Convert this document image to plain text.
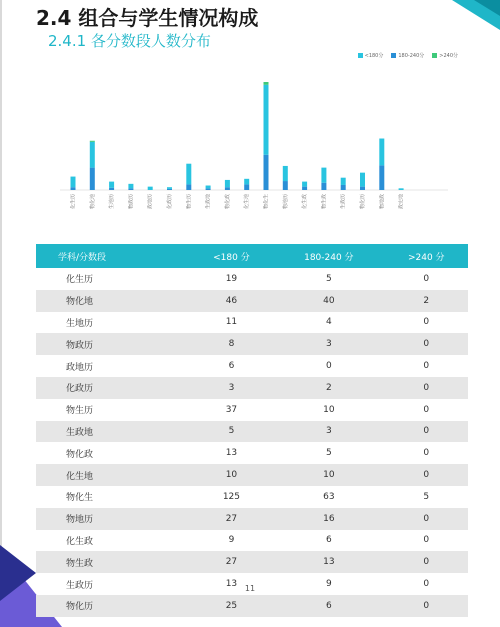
2.4 组合与学生情况构成
2.4.1 各分数段人数分布
<180分	180-240分	>240分
化生历	物化地	生地历	物政历	政地历	化政历	物生历	生政地	物化政	化生地	物化生	物地历	化生政	物生政	生政历	物化历	物地政	政史地
学科/分数段	<180 分	180-240 分	>240 分
化生历	19	5	0
物化地	46	40	2
生地历	11	4	0
物政历	8	3	0
政地历	6	0	0
化政历	3	2	0
物生历	37	10	0
生政地	5	3	0
物化政	13	5	0
化生地	10	10	0
物化生	125	63	5
物地历	27	16	0
化生政	9	6	0
物生政	27	13	0
生政历	13	9	0
物化历	25	6	0
11
